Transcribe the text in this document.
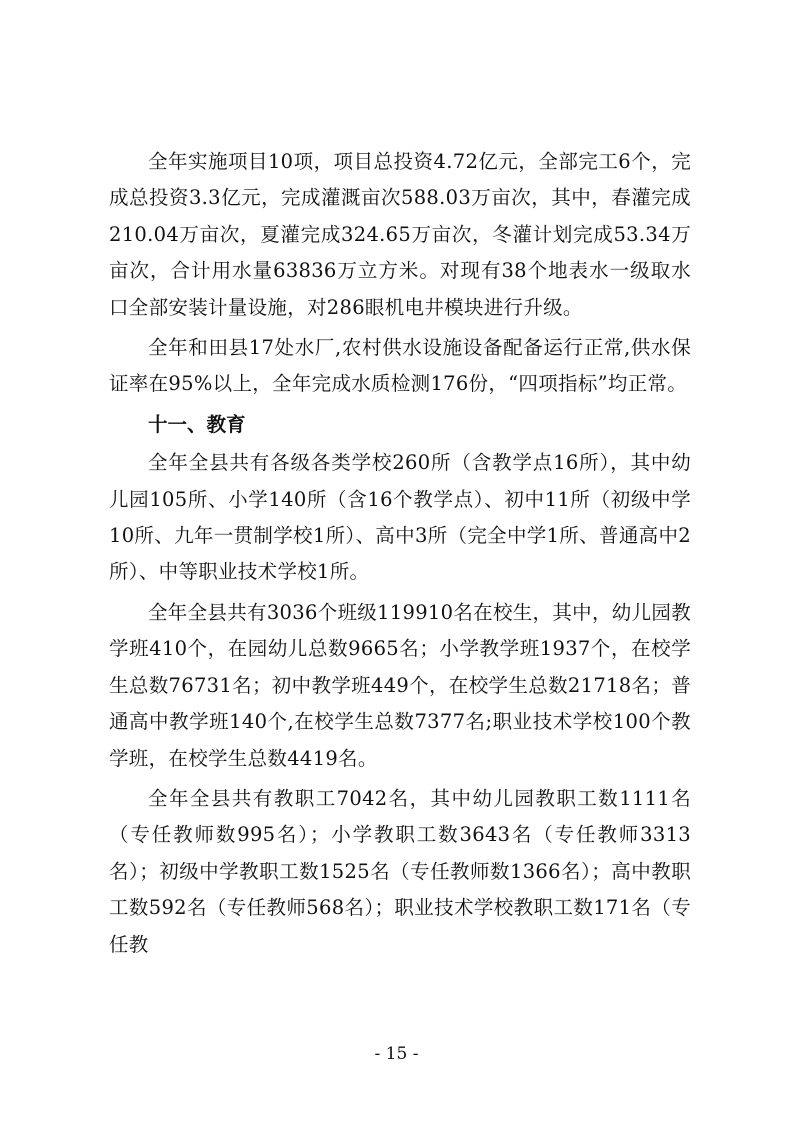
全年实施项目10项，项目总投资4.72亿元，全部完工6个，完成总投资3.3亿元，完成灌溉亩次588.03万亩次，其中，春灌完成210.04万亩次，夏灌完成324.65万亩次，冬灌计划完成53.34万亩次，合计用水量63836万立方米。对现有38个地表水一级取水口全部安装计量设施，对286眼机电井模块进行升级。

全年和田县17处水厂,农村供水设施设备配备运行正常,供水保证率在95%以上，全年完成水质检测176份，“四项指标”均正常。

十一、教育

全年全县共有各级各类学校260所（含教学点16所），其中幼儿园105所、小学140所（含16个教学点）、初中11所（初级中学10所、九年一贯制学校1所）、高中3所（完全中学1所、普通高中2所）、中等职业技术学校1所。

全年全县共有3036个班级119910名在校生，其中，幼儿园教学班410个，在园幼儿总数9665名；小学教学班1937个，在校学生总数76731名；初中教学班449个，在校学生总数21718名；普通高中教学班140个,在校学生总数7377名;职业技术学校100个教学班，在校学生总数4419名。

全年全县共有教职工7042名，其中幼儿园教职工数1111名（专任教师数995名）；小学教职工数3643名（专任教师3313名）；初级中学教职工数1525名（专任教师数1366名）；高中教职工数592名（专任教师568名）；职业技术学校教职工数171名（专任教

- 15 -
